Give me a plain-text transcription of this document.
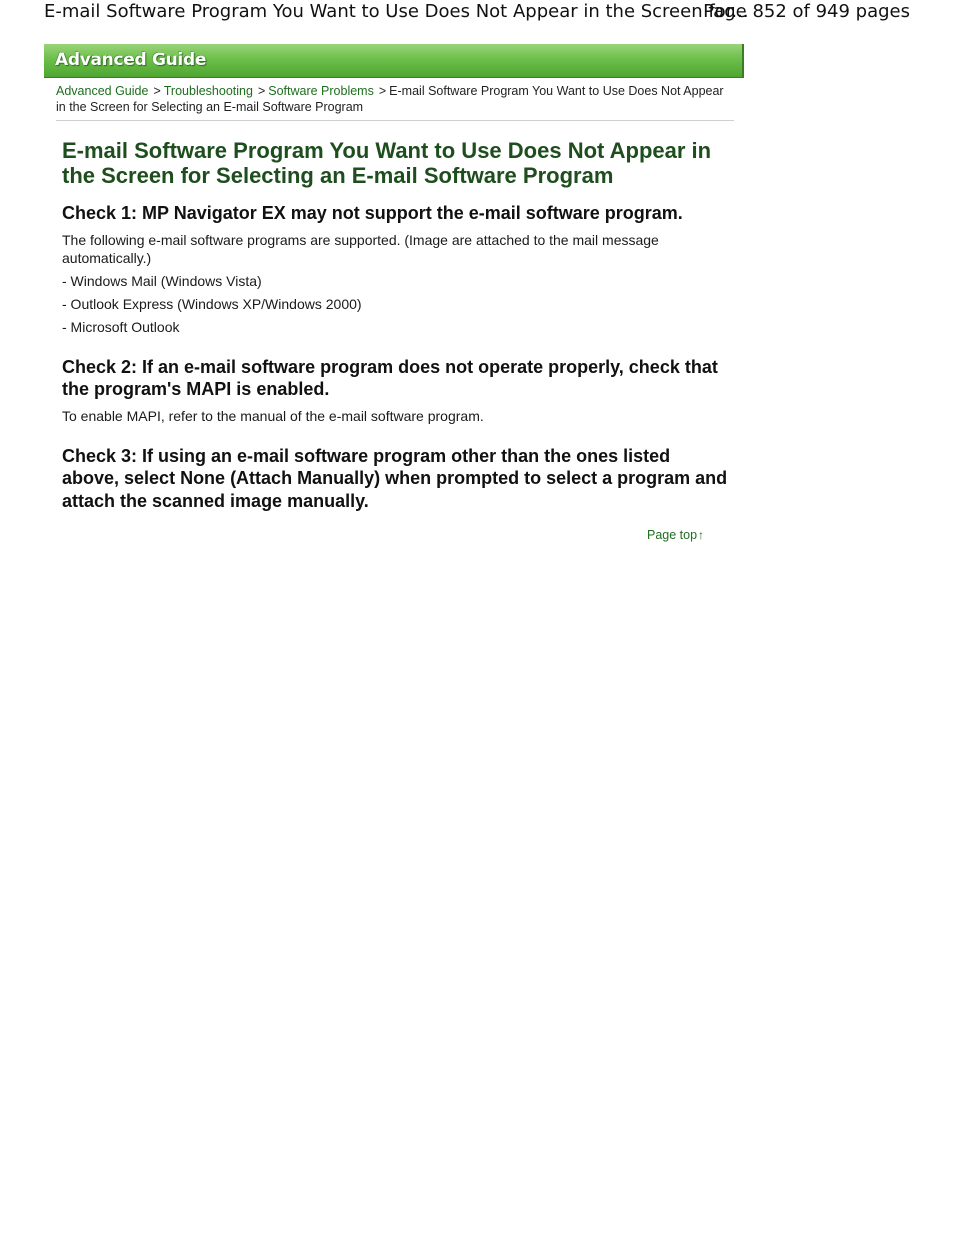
E-mail Software Program You Want to Use Does Not Appear in the Screen for...
Page 852 of 949 pages
Advanced Guide
Advanced Guide > Troubleshooting > Software Problems > E-mail Software Program You Want to Use Does Not Appear in the Screen for Selecting an E-mail Software Program
E-mail Software Program You Want to Use Does Not Appear in the Screen for Selecting an E-mail Software Program
Check 1: MP Navigator EX may not support the e-mail software program.

The following e-mail software programs are supported. (Image are attached to the mail message automatically.)

- Windows Mail (Windows Vista)
- Outlook Express (Windows XP/Windows 2000)
- Microsoft Outlook
Check 2: If an e-mail software program does not operate properly, check that the program's MAPI is enabled.

To enable MAPI, refer to the manual of the e-mail software program.

Check 3: If using an e-mail software program other than the ones listed above, select None (Attach Manually) when prompted to select a program and attach the scanned image manually.
Page top↑
